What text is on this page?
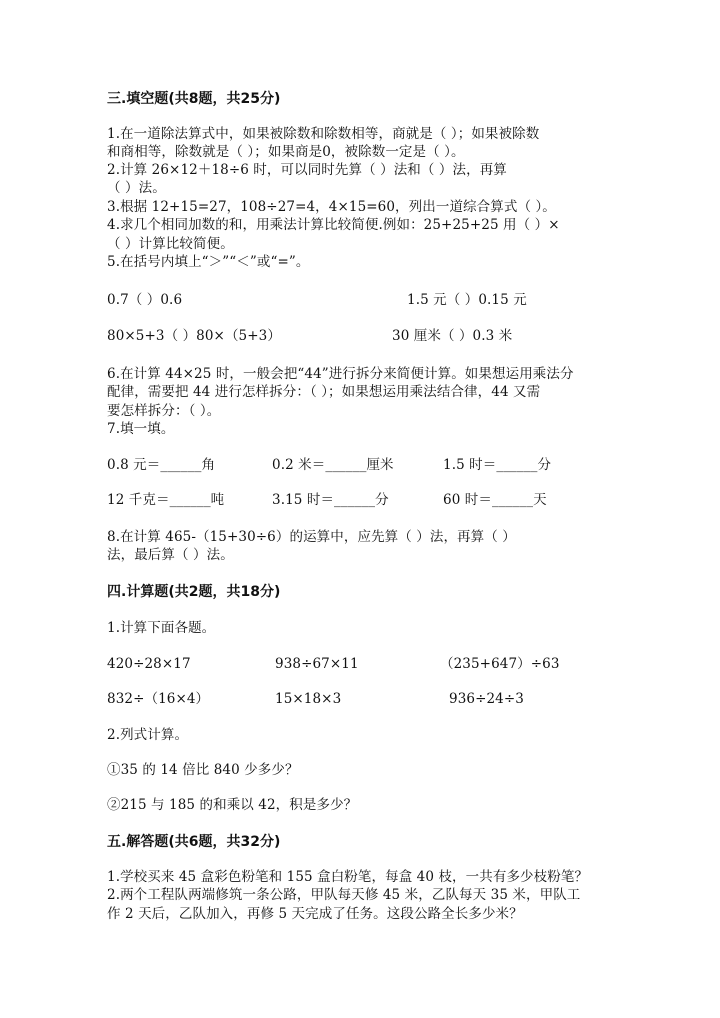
三.填空题(共8题，共25分)
1.在一道除法算式中，如果被除数和除数相等，商就是（ ）；如果被除数
和商相等，除数就是（ ）；如果商是0，被除数一定是（ ）。
2.计算 26×12＋18÷6 时，可以同时先算（ ）法和（ ）法，再算
（ ）法。
3.根据 12+15=27，108÷27=4，4×15=60，列出一道综合算式（ ）。
4.求几个相同加数的和，用乘法计算比较简便.例如：25+25+25 用（ ）×
（ ）计算比较简便。
5.在括号内填上“＞”“＜”或“=”。
0.7（ ）0.6	1.5 元（ ）0.15 元
80×5+3（ ）80×（5+3）	30 厘米（ ）0.3 米
6.在计算 44×25 时，一般会把“44”进行拆分来简便计算。如果想运用乘法分
配律，需要把 44 进行怎样拆分：（ ）；如果想运用乘法结合律，44 又需
要怎样拆分：（ ）。
7.填一填。
0.8 元＝______角	0.2 米＝______厘米	1.5 时＝______分
12 千克＝______吨	3.15 时＝______分	60 时＝______天
8.在计算 465-（15+30÷6）的运算中，应先算（ ）法，再算（ ）
法，最后算（ ）法。
四.计算题(共2题，共18分)
1.计算下面各题。
420÷28×17	938÷67×11	（235+647）÷63
832÷（16×4）	15×18×3	936÷24÷3
2.列式计算。
①35 的 14 倍比 840 少多少？
②215 与 185 的和乘以 42，积是多少？
五.解答题(共6题，共32分)
1.学校买来 45 盒彩色粉笔和 155 盒白粉笔，每盒 40 枝，一共有多少枝粉笔？
2.两个工程队两端修筑一条公路，甲队每天修 45 米，乙队每天 35 米，甲队工
作 2 天后，乙队加入，再修 5 天完成了任务。这段公路全长多少米？
